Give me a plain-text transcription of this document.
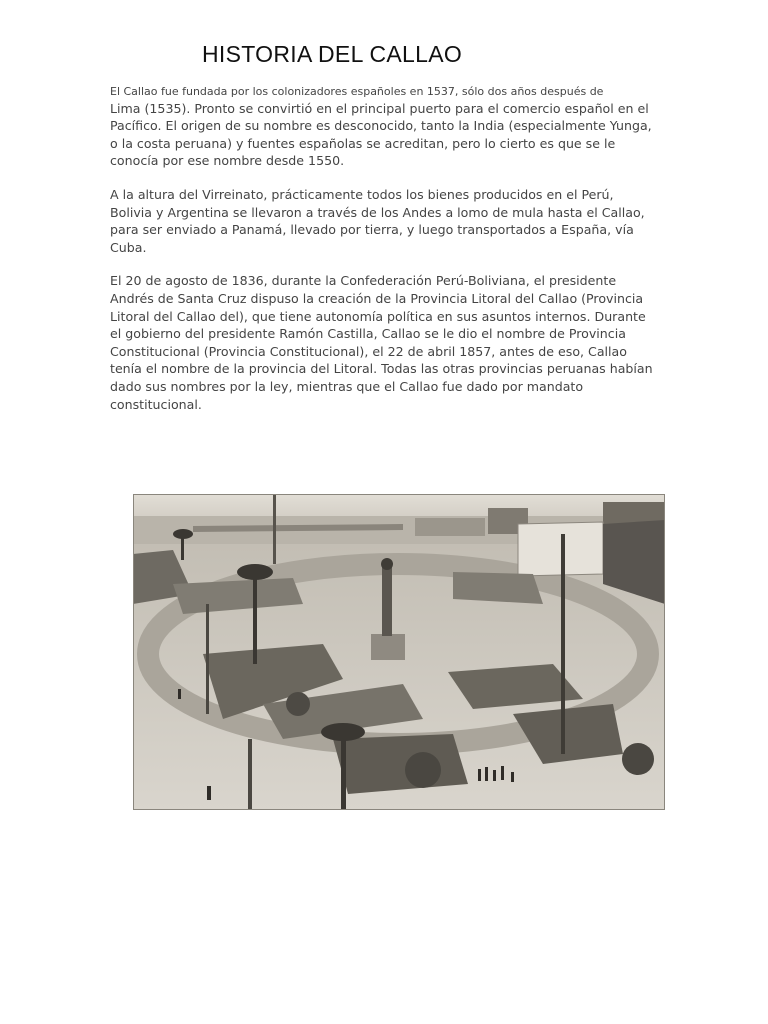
HISTORIA DEL CALLAO

El Callao fue fundada por los colonizadores españoles en 1537, sólo dos años después de
Lima (1535). Pronto se convirtió en el principal puerto para el comercio español en el Pacífico. El origen de su nombre es desconocido, tanto la India (especialmente Yunga, o la costa peruana) y fuentes españolas se acreditan, pero lo cierto es que se le conocía por ese nombre desde 1550.

A la altura del Virreinato, prácticamente todos los bienes producidos en el Perú, Bolivia y Argentina se llevaron a través de los Andes a lomo de mula hasta el Callao, para ser enviado a Panamá, llevado por tierra, y luego transportados a España, vía Cuba.

El 20 de agosto de 1836, durante la Confederación Perú-Boliviana, el presidente Andrés de Santa Cruz dispuso la creación de la Provincia Litoral del Callao (Provincia Litoral del Callao del), que tiene autonomía política en sus asuntos internos. Durante el gobierno del presidente Ramón Castilla, Callao se le dio el nombre de Provincia Constitucional (Provincia Constitucional), el 22 de abril 1857, antes de eso, Callao tenía el nombre de la provincia del Litoral. Todas las otras provincias peruanas habían dado sus nombres por la ley, mientras que el Callao fue dado por mandato constitucional.
